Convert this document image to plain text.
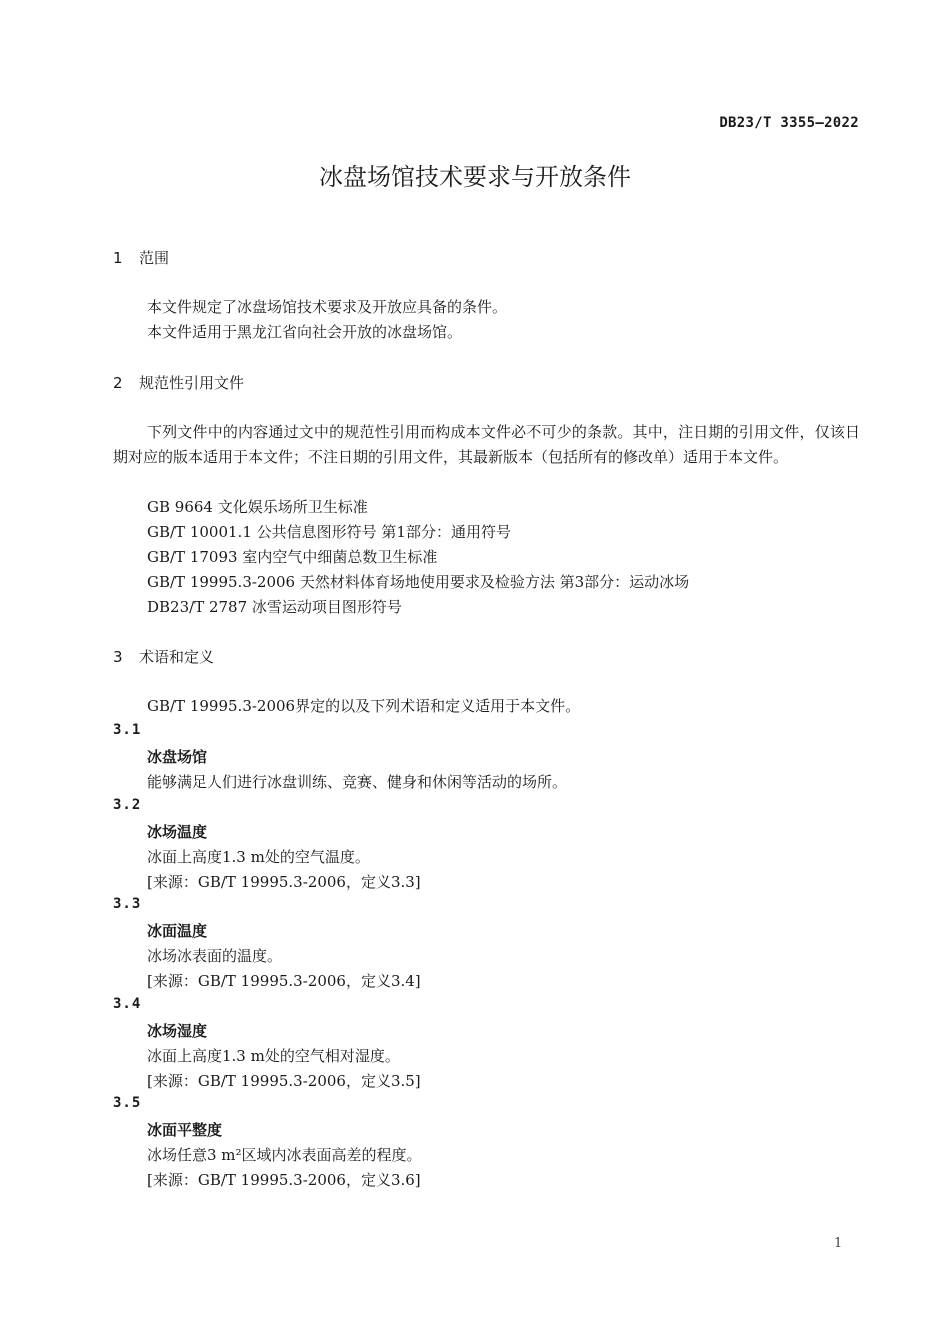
DB23/T 3355—2022
冰盘场馆技术要求与开放条件
1 范围
本文件规定了冰盘场馆技术要求及开放应具备的条件。
本文件适用于黑龙江省向社会开放的冰盘场馆。
2 规范性引用文件
下列文件中的内容通过文中的规范性引用而构成本文件必不可少的条款。其中，注日期的引用文件，仅该日期对应的版本适用于本文件；不注日期的引用文件，其最新版本（包括所有的修改单）适用于本文件。
GB 9664 文化娱乐场所卫生标准
GB/T 10001.1 公共信息图形符号 第1部分：通用符号
GB/T 17093 室内空气中细菌总数卫生标准
GB/T 19995.3-2006 天然材料体育场地使用要求及检验方法 第3部分：运动冰场
DB23/T 2787 冰雪运动项目图形符号
3 术语和定义
GB/T 19995.3-2006界定的以及下列术语和定义适用于本文件。
3.1
冰盘场馆
能够满足人们进行冰盘训练、竞赛、健身和休闲等活动的场所。
3.2
冰场温度
冰面上高度1.3 m处的空气温度。
[来源：GB/T 19995.3-2006，定义3.3]
3.3
冰面温度
冰场冰表面的温度。
[来源：GB/T 19995.3-2006，定义3.4]
3.4
冰场湿度
冰面上高度1.3 m处的空气相对湿度。
[来源：GB/T 19995.3-2006，定义3.5]
3.5
冰面平整度
冰场任意3 m²区域内冰表面高差的程度。
[来源：GB/T 19995.3-2006，定义3.6]
1
